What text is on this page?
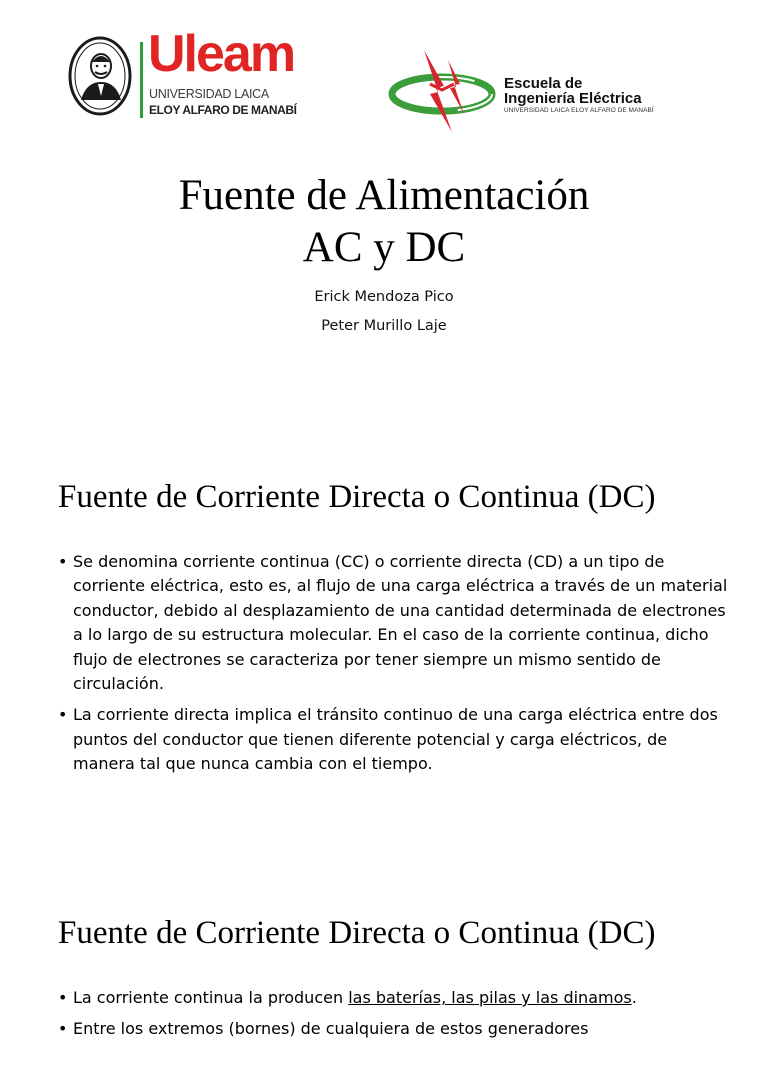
Uleam
UNIVERSIDAD LAICA
ELOY ALFARO DE MANABÍ
Escuela de
Ingeniería Eléctrica
UNIVERSIDAD LAICA ELOY ALFARO DE MANABÍ
Fuente de Alimentación
AC y DC
Erick Mendoza Pico
Peter Murillo Laje
Fuente de Corriente Directa o Continua (DC)
• Se denomina corriente continua (CC) o corriente directa (CD) a un tipo de corriente eléctrica, esto es, al flujo de una carga eléctrica a través de un material conductor, debido al desplazamiento de una cantidad determinada de electrones a lo largo de su estructura molecular. En el caso de la corriente continua, dicho flujo de electrones se caracteriza por tener siempre un mismo sentido de circulación.
• La corriente directa implica el tránsito continuo de una carga eléctrica entre dos puntos del conductor que tienen diferente potencial y carga eléctricos, de manera tal que nunca cambia con el tiempo.
Fuente de Corriente Directa o Continua (DC)
• La corriente continua la producen las baterías, las pilas y las dinamos.
• Entre los extremos (bornes) de cualquiera de estos generadores
